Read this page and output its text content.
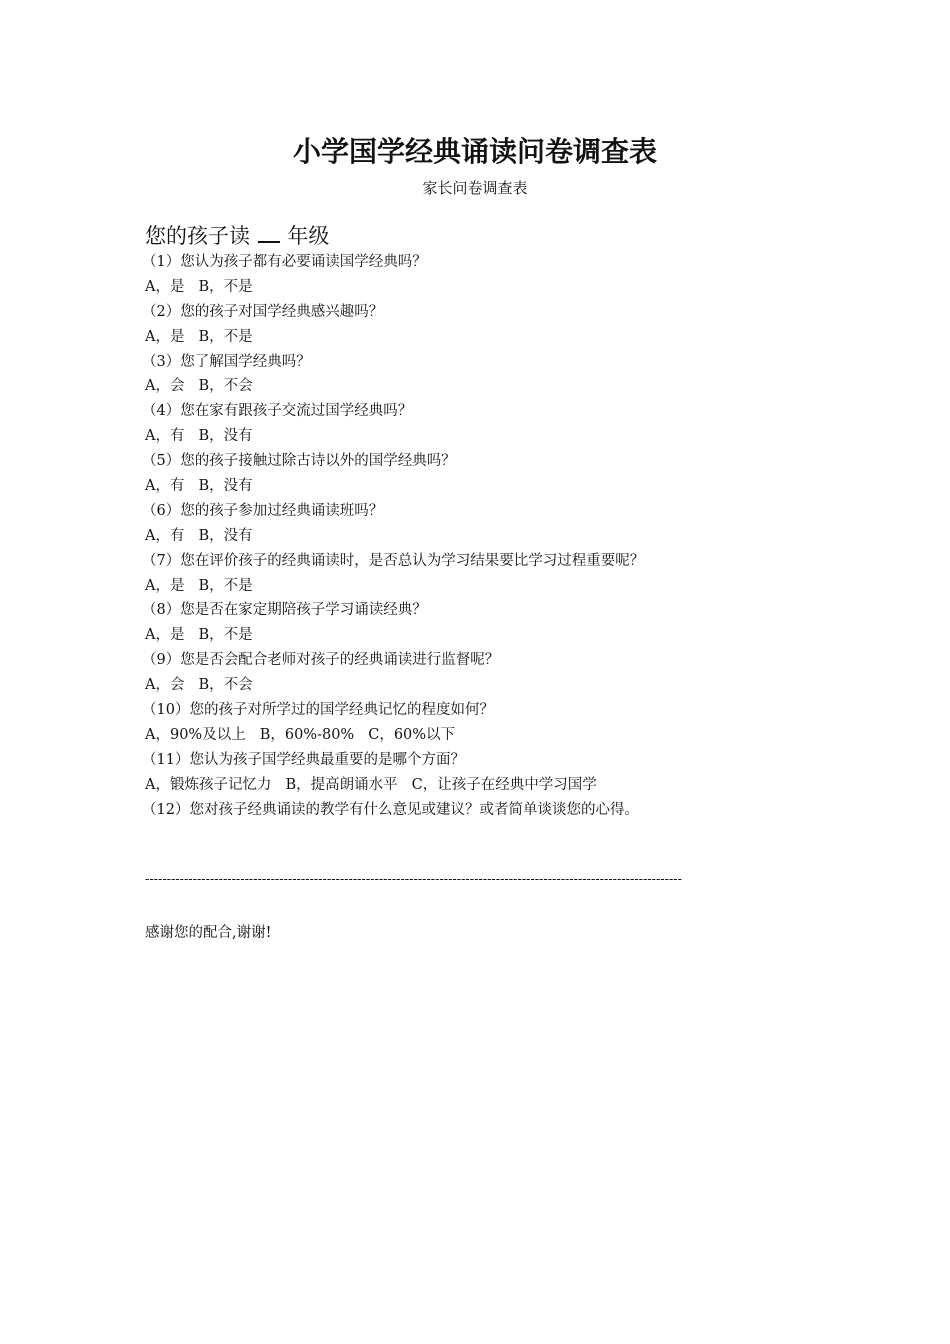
小学国学经典诵读问卷调查表
家长问卷调查表
您的孩子读 年级
（1）您认为孩子都有必要诵读国学经典吗？
A，是 B，不是
（2）您的孩子对国学经典感兴趣吗？
A，是 B，不是
（3）您了解国学经典吗？
A，会 B，不会
（4）您在家有跟孩子交流过国学经典吗？
A，有 B，没有
（5）您的孩子接触过除古诗以外的国学经典吗？
A，有 B，没有
（6）您的孩子参加过经典诵读班吗？
A，有 B，没有
（7）您在评价孩子的经典诵读时，是否总认为学习结果要比学习过程重要呢？
A，是 B，不是
（8）您是否在家定期陪孩子学习诵读经典？
A，是 B，不是
（9）您是否会配合老师对孩子的经典诵读进行监督呢？
A，会 B，不会
（10）您的孩子对所学过的国学经典记忆的程度如何？
A，90%及以上 B，60%-80% C，60%以下
（11）您认为孩子国学经典最重要的是哪个方面？
A，锻炼孩子记忆力 B，提高朗诵水平 C，让孩子在经典中学习国学
（12）您对孩子经典诵读的教学有什么意见或建议？或者简单谈谈您的心得。
----------------------------------------------------------------------------------------------------------------------------
感谢您的配合,谢谢!
